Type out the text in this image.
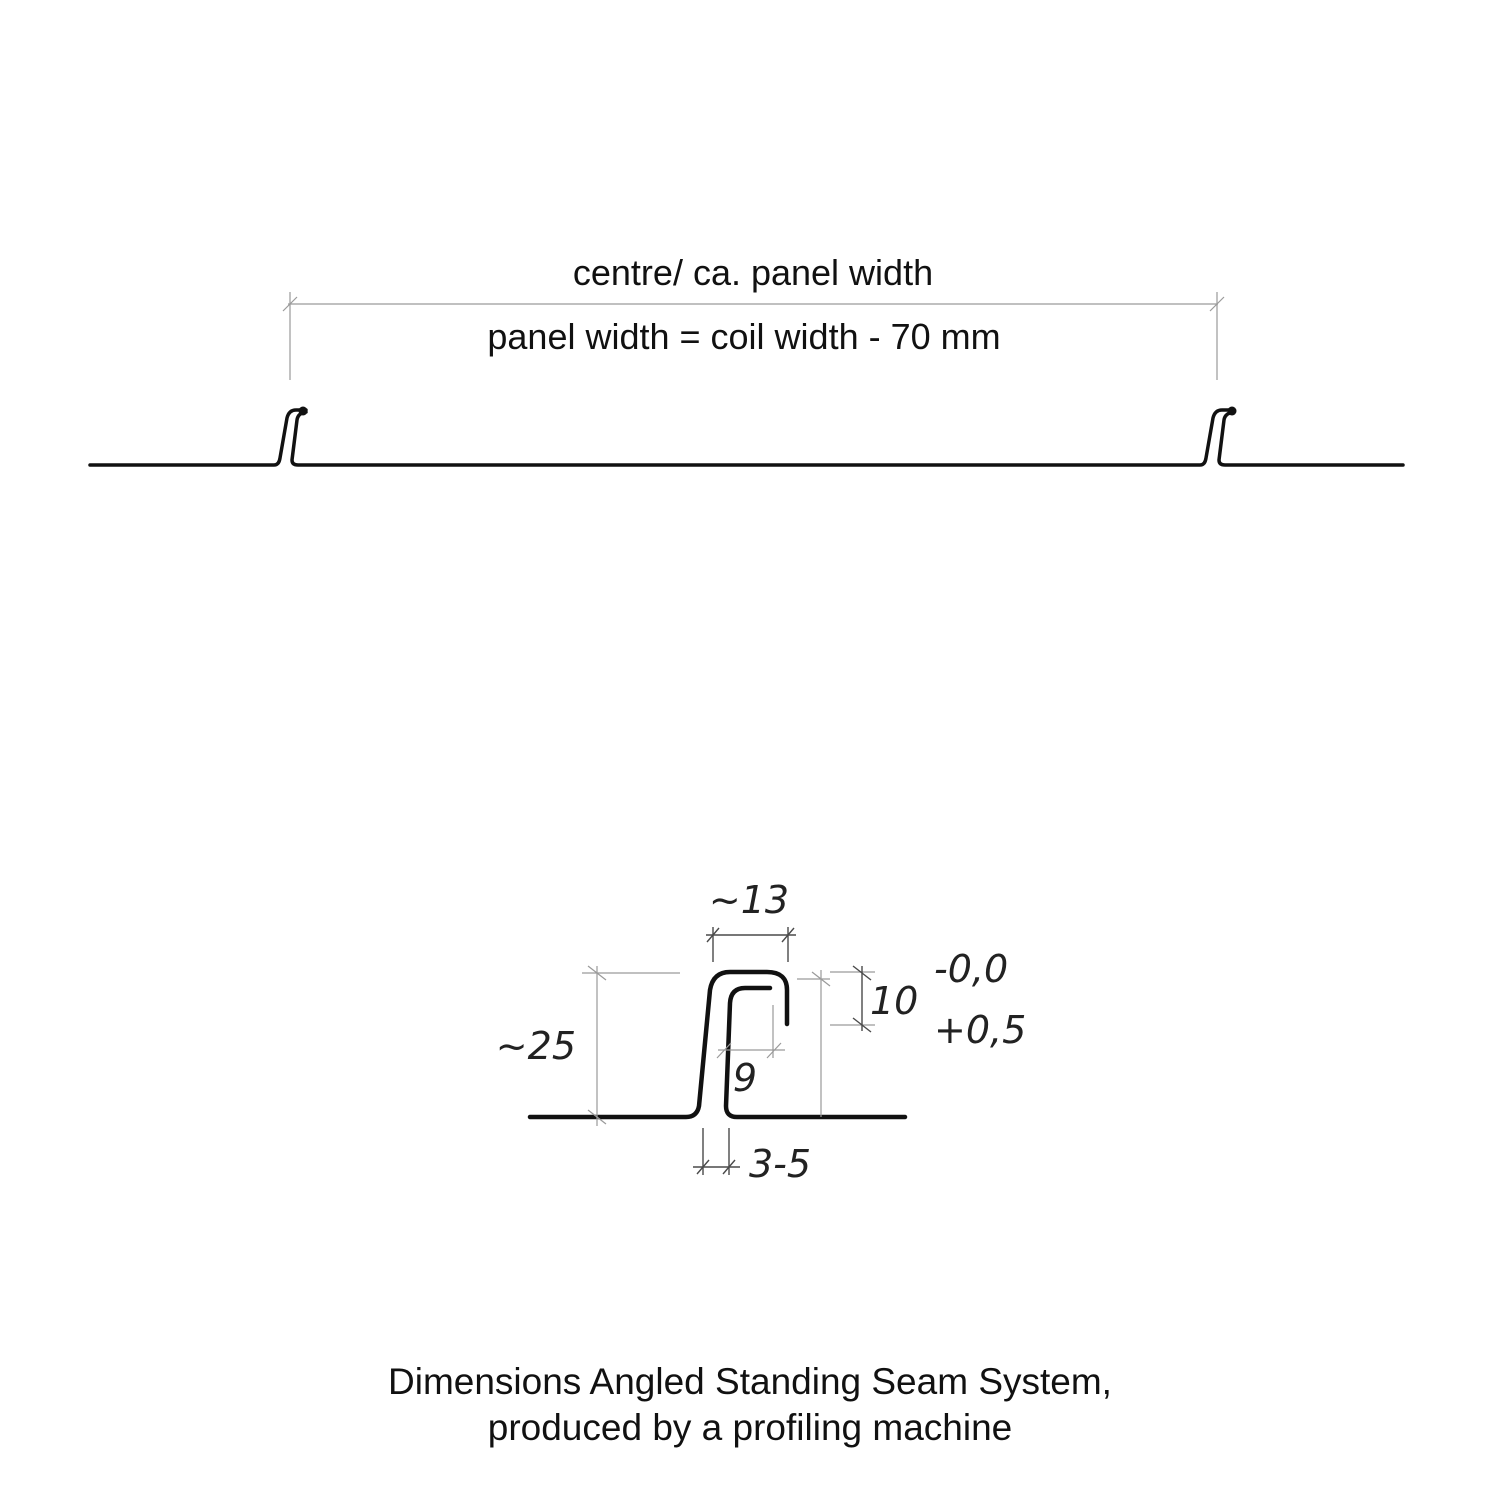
centre/ ca. panel width
panel width = coil width - 70 mm
~13
~25
10
-0,0
+0,5
9
3-5
Dimensions Angled Standing Seam System,
produced by a profiling machine
